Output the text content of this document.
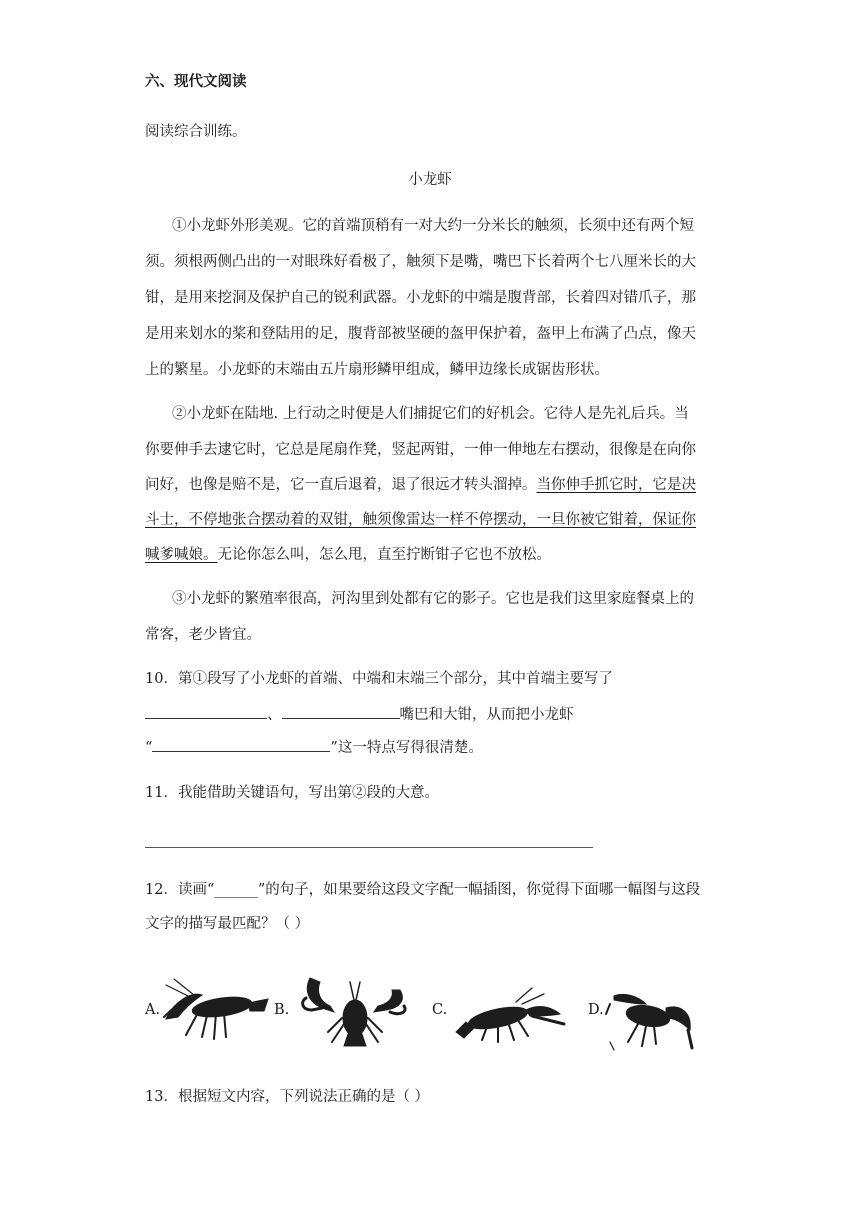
六、现代文阅读
阅读综合训练。
小龙虾
①小龙虾外形美观。它的首端顶稍有一对大约一分米长的触须，长须中还有两个短
须。须根两侧凸出的一对眼珠好看极了，触须下是嘴，嘴巴下长着两个七八厘米长的大
钳，是用来挖洞及保护自己的锐利武器。小龙虾的中端是腹背部，长着四对错爪子，那
是用来划水的桨和登陆用的足，腹背部被坚硬的盔甲保护着，盔甲上布满了凸点，像天
上的繁星。小龙虾的末端由五片扇形鳞甲组成，鳞甲边缘长成锯齿形状。
②小龙虾在陆地. 上行动之时便是人们捕捉它们的好机会。它待人是先礼后兵。当
你要伸手去逮它时，它总是尾扇作凳，竖起两钳，一伸一伸地左右摆动，很像是在向你
问好，也像是赔不是，它一直后退着，退了很远才转头溜掉。当你伸手抓它时，它是决
斗士，不停地张合摆动着的双钳，触须像雷达一样不停摆动，一旦你被它钳着，保证你
喊爹喊娘。无论你怎么叫，怎么甩，直至拧断钳子它也不放松。
③小龙虾的繁殖率很高，河沟里到处都有它的影子。它也是我们这里家庭餐桌上的
常客，老少皆宜。
10．第①段写了小龙虾的首端、中端和末端三个部分，其中首端主要写了
、	嘴巴和大钳，从而把小龙虾
“	”这一特点写得很清楚。
11．我能借助关键语句，写出第②段的大意。
12．读画“______”的句子，如果要给这段文字配一幅插图，你觉得下面哪一幅图与这段
文字的描写最匹配？（ ）
A.	B.	C.	D.
13．根据短文内容，下列说法正确的是（ ）
